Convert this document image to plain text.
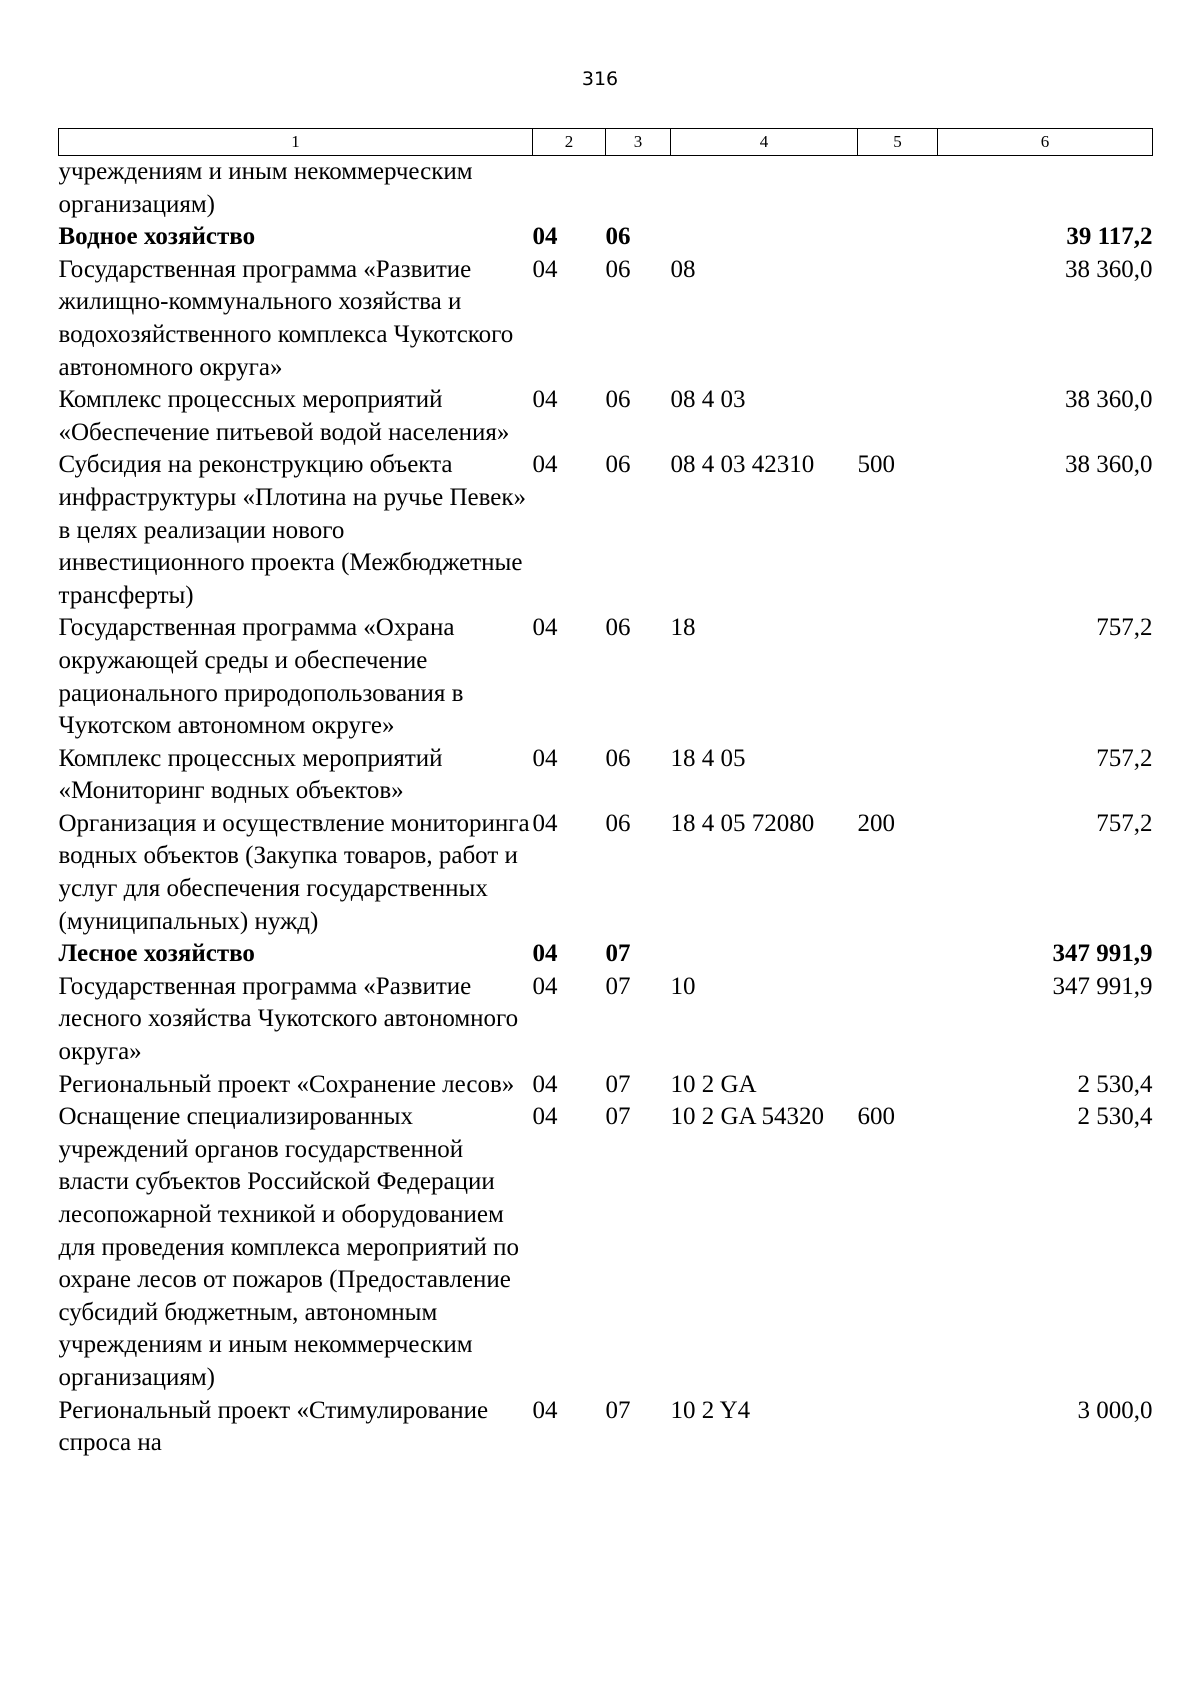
316
1	2	3	4	5	6
учреждениям и иным некоммерческим организациям)					
Водное хозяйство	04	06			39 117,2
Государственная программа «Развитие жилищно-коммунального хозяйства и водохозяйственного комплекса Чукотского автономного округа»	04	06	08		38 360,0
Комплекс процессных мероприятий «Обеспечение питьевой водой населения»	04	06	08 4 03		38 360,0
Субсидия на реконструкцию объекта инфраструктуры «Плотина на ручье Певек» в целях реализации нового инвестиционного проекта (Межбюджетные трансферты)	04	06	08 4 03 42310	500	38 360,0
Государственная программа «Охрана окружающей среды и обеспечение рационального природопользования в Чукотском автономном округе»	04	06	18		757,2
Комплекс процессных мероприятий «Мониторинг водных объектов»	04	06	18 4 05		757,2
Организация и осуществление мониторинга водных объектов (Закупка товаров, работ и услуг для обеспечения государственных (муниципальных) нужд)	04	06	18 4 05 72080	200	757,2
Лесное хозяйство	04	07			347 991,9
Государственная программа «Развитие лесного хозяйства Чукотского автономного округа»	04	07	10		347 991,9
Региональный проект «Сохранение лесов»	04	07	10 2 GA		2 530,4
Оснащение специализированных учреждений органов государственной власти субъектов Российской Федерации лесопожарной техникой и оборудованием для проведения комплекса мероприятий по охране лесов от пожаров (Предоставление субсидий бюджетным, автономным учреждениям и иным некоммерческим организациям)	04	07	10 2 GA 54320	600	2 530,4
Региональный проект «Стимулирование спроса на	04	07	10 2 Y4		3 000,0
